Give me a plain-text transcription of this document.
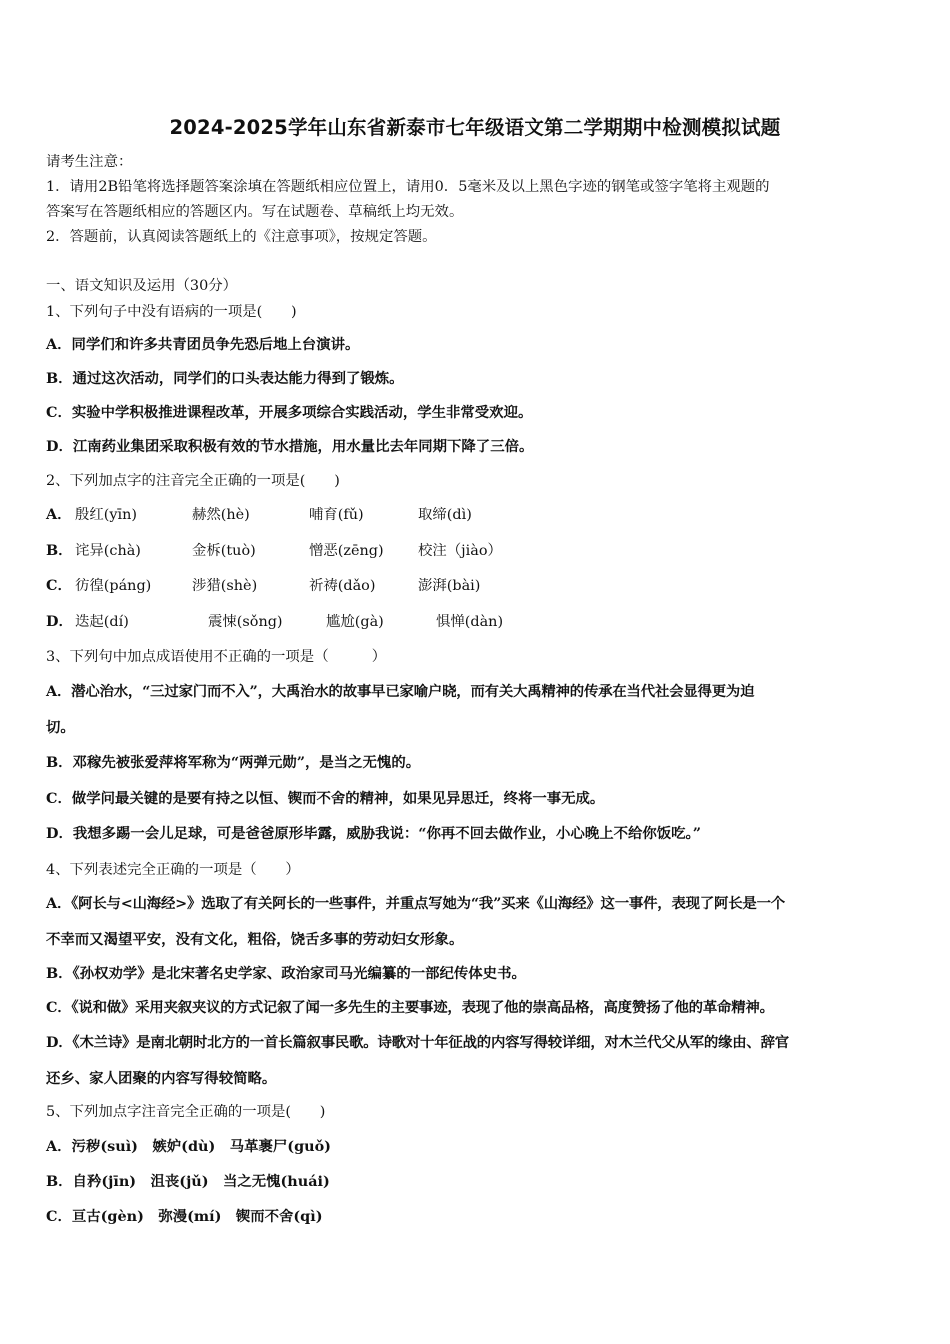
2024-2025学年山东省新泰市七年级语文第二学期期中检测模拟试题
请考生注意：
1．请用2B铅笔将选择题答案涂填在答题纸相应位置上，请用0．5毫米及以上黑色字迹的钢笔或签字笔将主观题的
答案写在答题纸相应的答题区内。写在试题卷、草稿纸上均无效。
2．答题前，认真阅读答题纸上的《注意事项》，按规定答题。
一、语文知识及运用（30分）
1、下列句子中没有语病的一项是(　　)
A．同学们和许多共青团员争先恐后地上台演讲。
B．通过这次活动，同学们的口头表达能力得到了锻炼。
C．实验中学积极推进课程改革，开展多项综合实践活动，学生非常受欢迎。
D．江南药业集团采取积极有效的节水措施，用水量比去年同期下降了三倍。
2、下列加点字的注音完全正确的一项是(　　)
A． 殷红(yīn)	赫然(hè)	哺育(fǔ)	取缔(dì)
B． 诧异(chà)	金柝(tuò)	憎恶(zēng) 校注（jiào）
C． 彷徨(páng)	涉猎(shè)	祈祷(dǎo)	澎湃(bài)
D． 迭起(dí)	震悚(sǒng)	尴尬(gà)	惧惮(dàn)
3、下列句中加点成语使用不正确的一项是（　　　）
A．潜心治水，“三过家门而不入”，大禹治水的故事早已家喻户晓，而有关大禹精神的传承在当代社会显得更为迫
切。
B．邓稼先被张爱萍将军称为“两弹元勋”，是当之无愧的。
C．做学问最关键的是要有持之以恒、锲而不舍的精神，如果见异思迁，终将一事无成。
D．我想多踢一会儿足球，可是爸爸原形毕露，威胁我说：“你再不回去做作业，小心晚上不给你饭吃。”
4、下列表述完全正确的一项是（　　）
A．《阿长与<山海经>》选取了有关阿长的一些事件，并重点写她为“我”买来《山海经》这一事件，表现了阿长是一个
不幸而又渴望平安，没有文化，粗俗，饶舌多事的劳动妇女形象。
B．《孙权劝学》是北宋著名史学家、政治家司马光编纂的一部纪传体史书。
C．《说和做》采用夹叙夹议的方式记叙了闻一多先生的主要事迹，表现了他的崇高品格，高度赞扬了他的革命精神。
D．《木兰诗》是南北朝时北方的一首长篇叙事民歌。诗歌对十年征战的内容写得较详细，对木兰代父从军的缘由、辞官
还乡、家人团聚的内容写得较简略。
5、下列加点字注音完全正确的一项是(　　)
A．污秽(suì)　嫉妒(dù)　马革裹尸(guǒ)
B．自矜(jīn)　沮丧(jǔ)　当之无愧(huái)
C．亘古(gèn)　弥漫(mí)　锲而不舍(qì)
